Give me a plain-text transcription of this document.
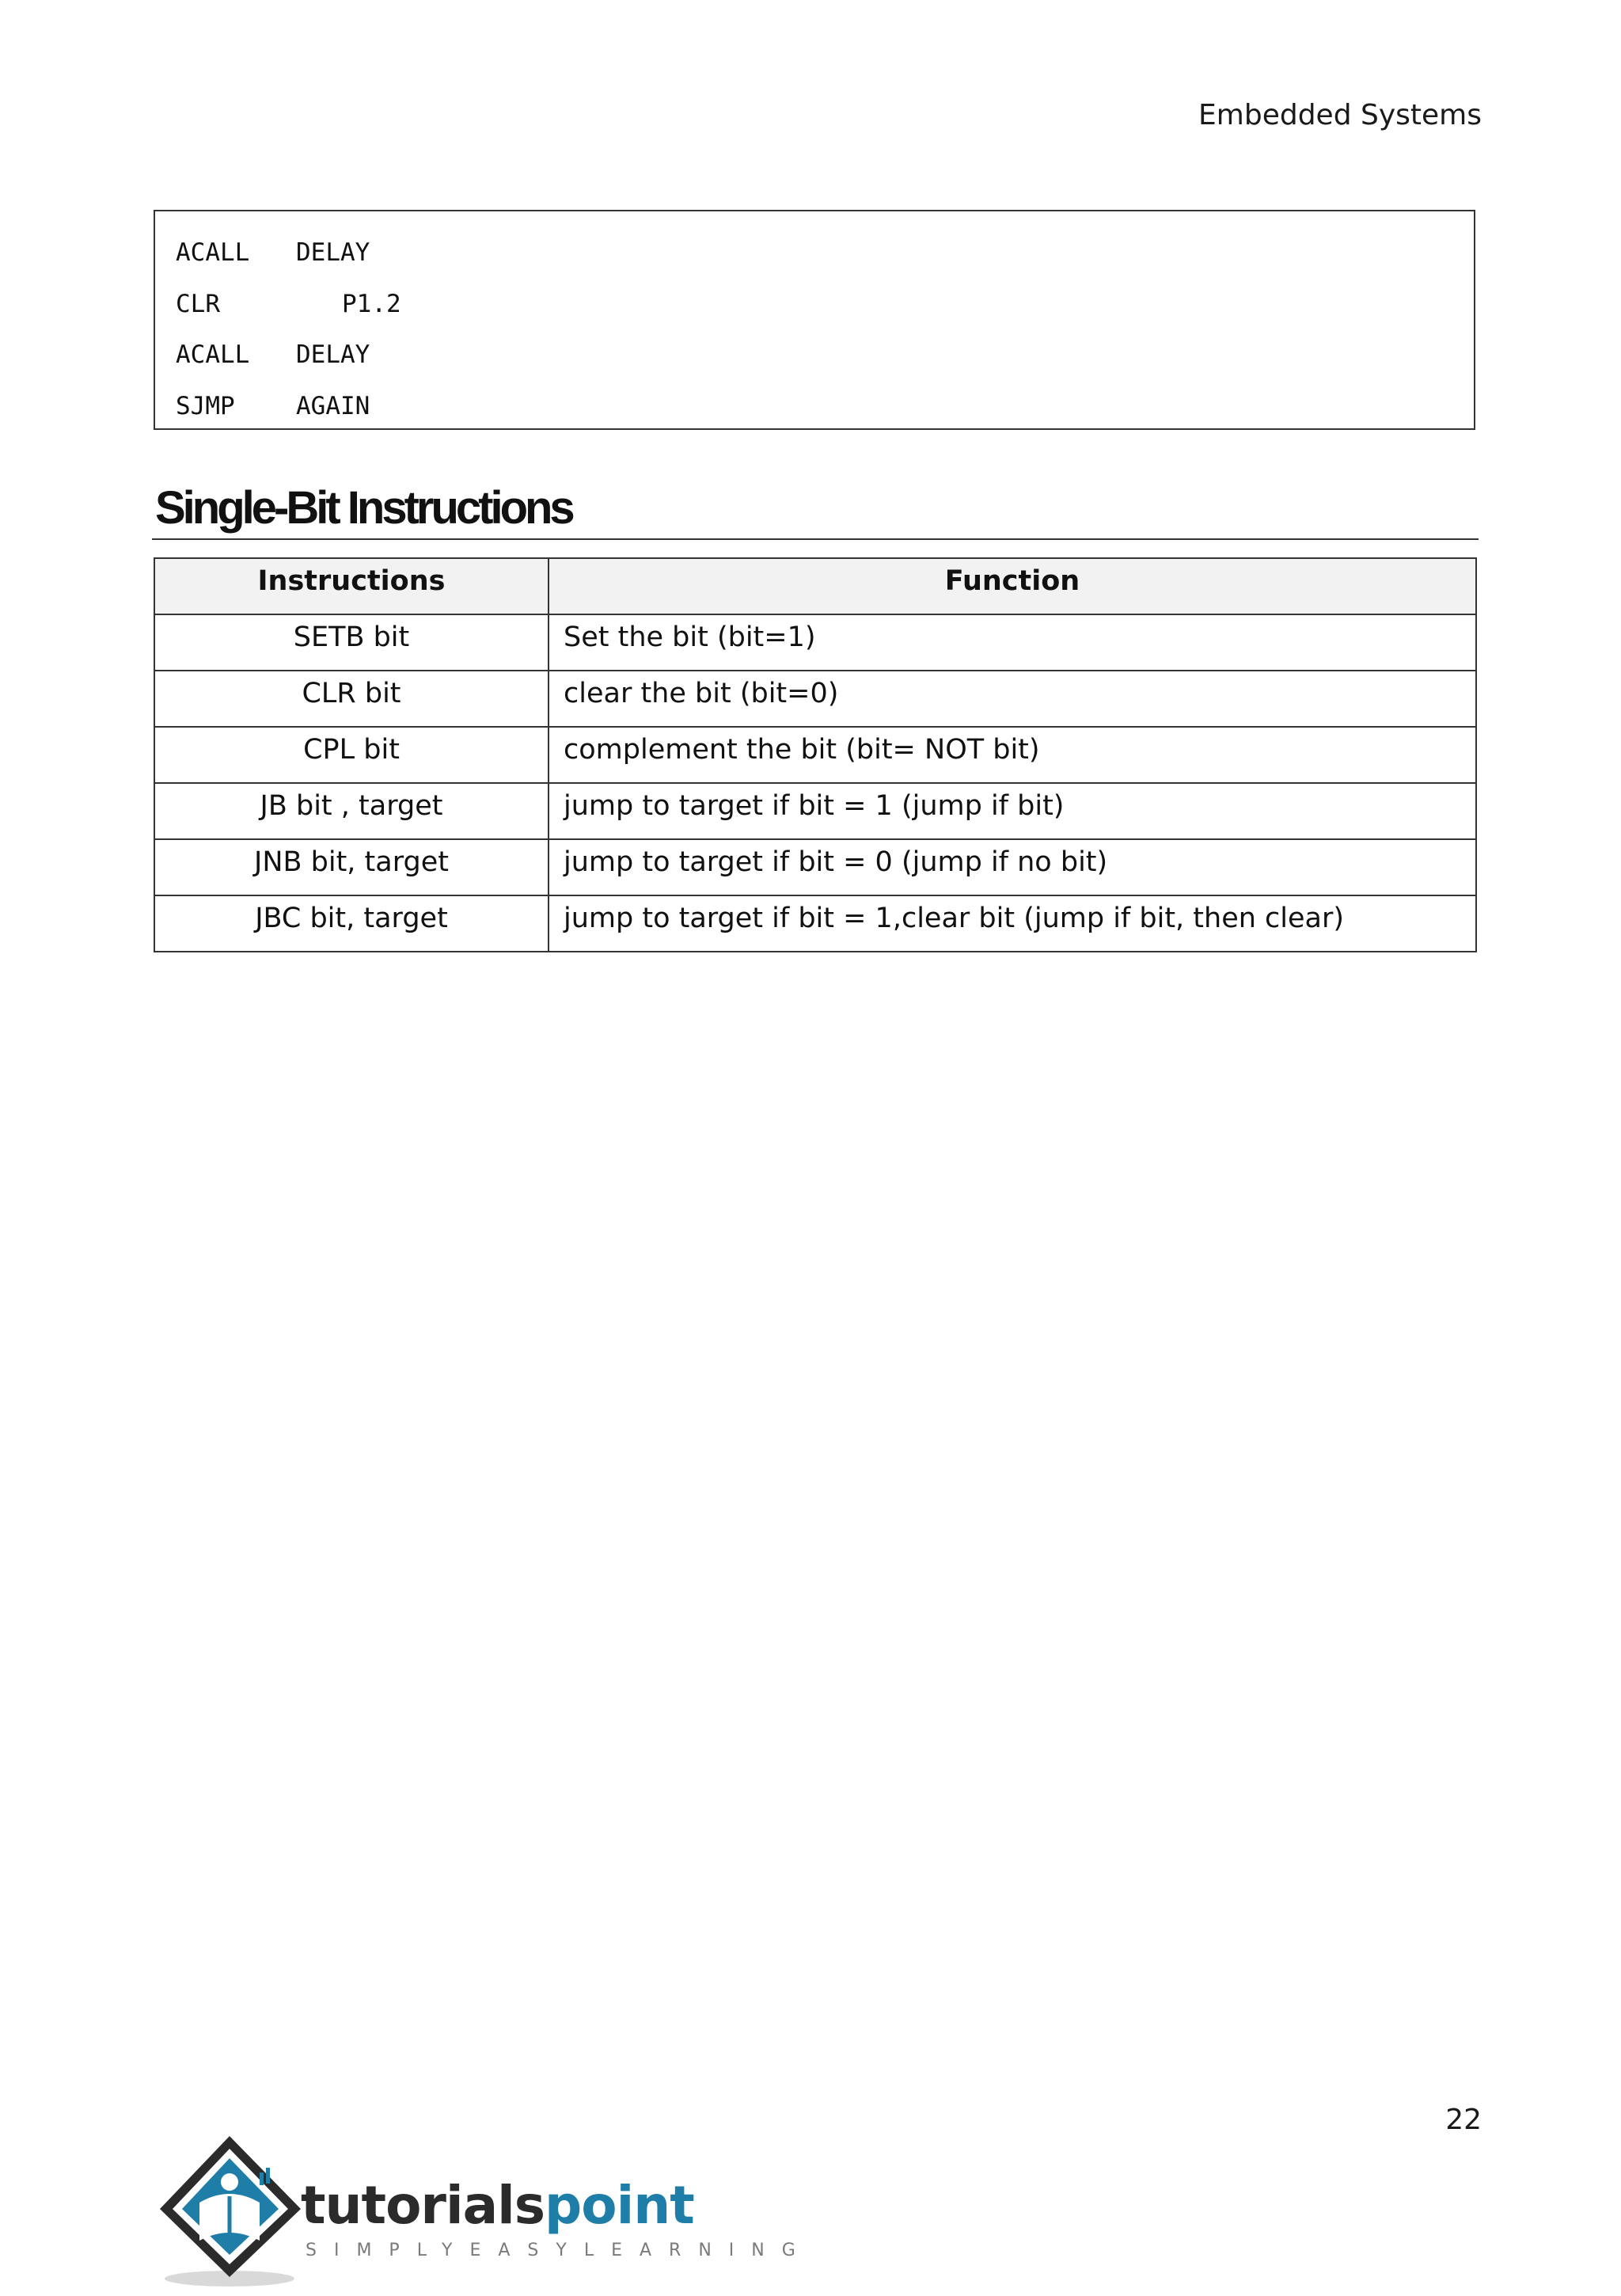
Embedded Systems
ACALL	DELAY
CLR	P1.2
ACALL	DELAY
SJMP	AGAIN
Single-Bit Instructions
Instructions	Function
SETB bit	Set the bit (bit=1)
CLR bit	clear the bit (bit=0)
CPL bit	complement the bit (bit= NOT bit)
JB bit , target	jump to target if bit = 1 (jump if bit)
JNB bit, target	jump to target if bit = 0 (jump if no bit)
JBC bit, target	jump to target if bit = 1,clear bit (jump if bit, then clear)
22
tutorialspoint
SIMPLYEASYLEARNING
